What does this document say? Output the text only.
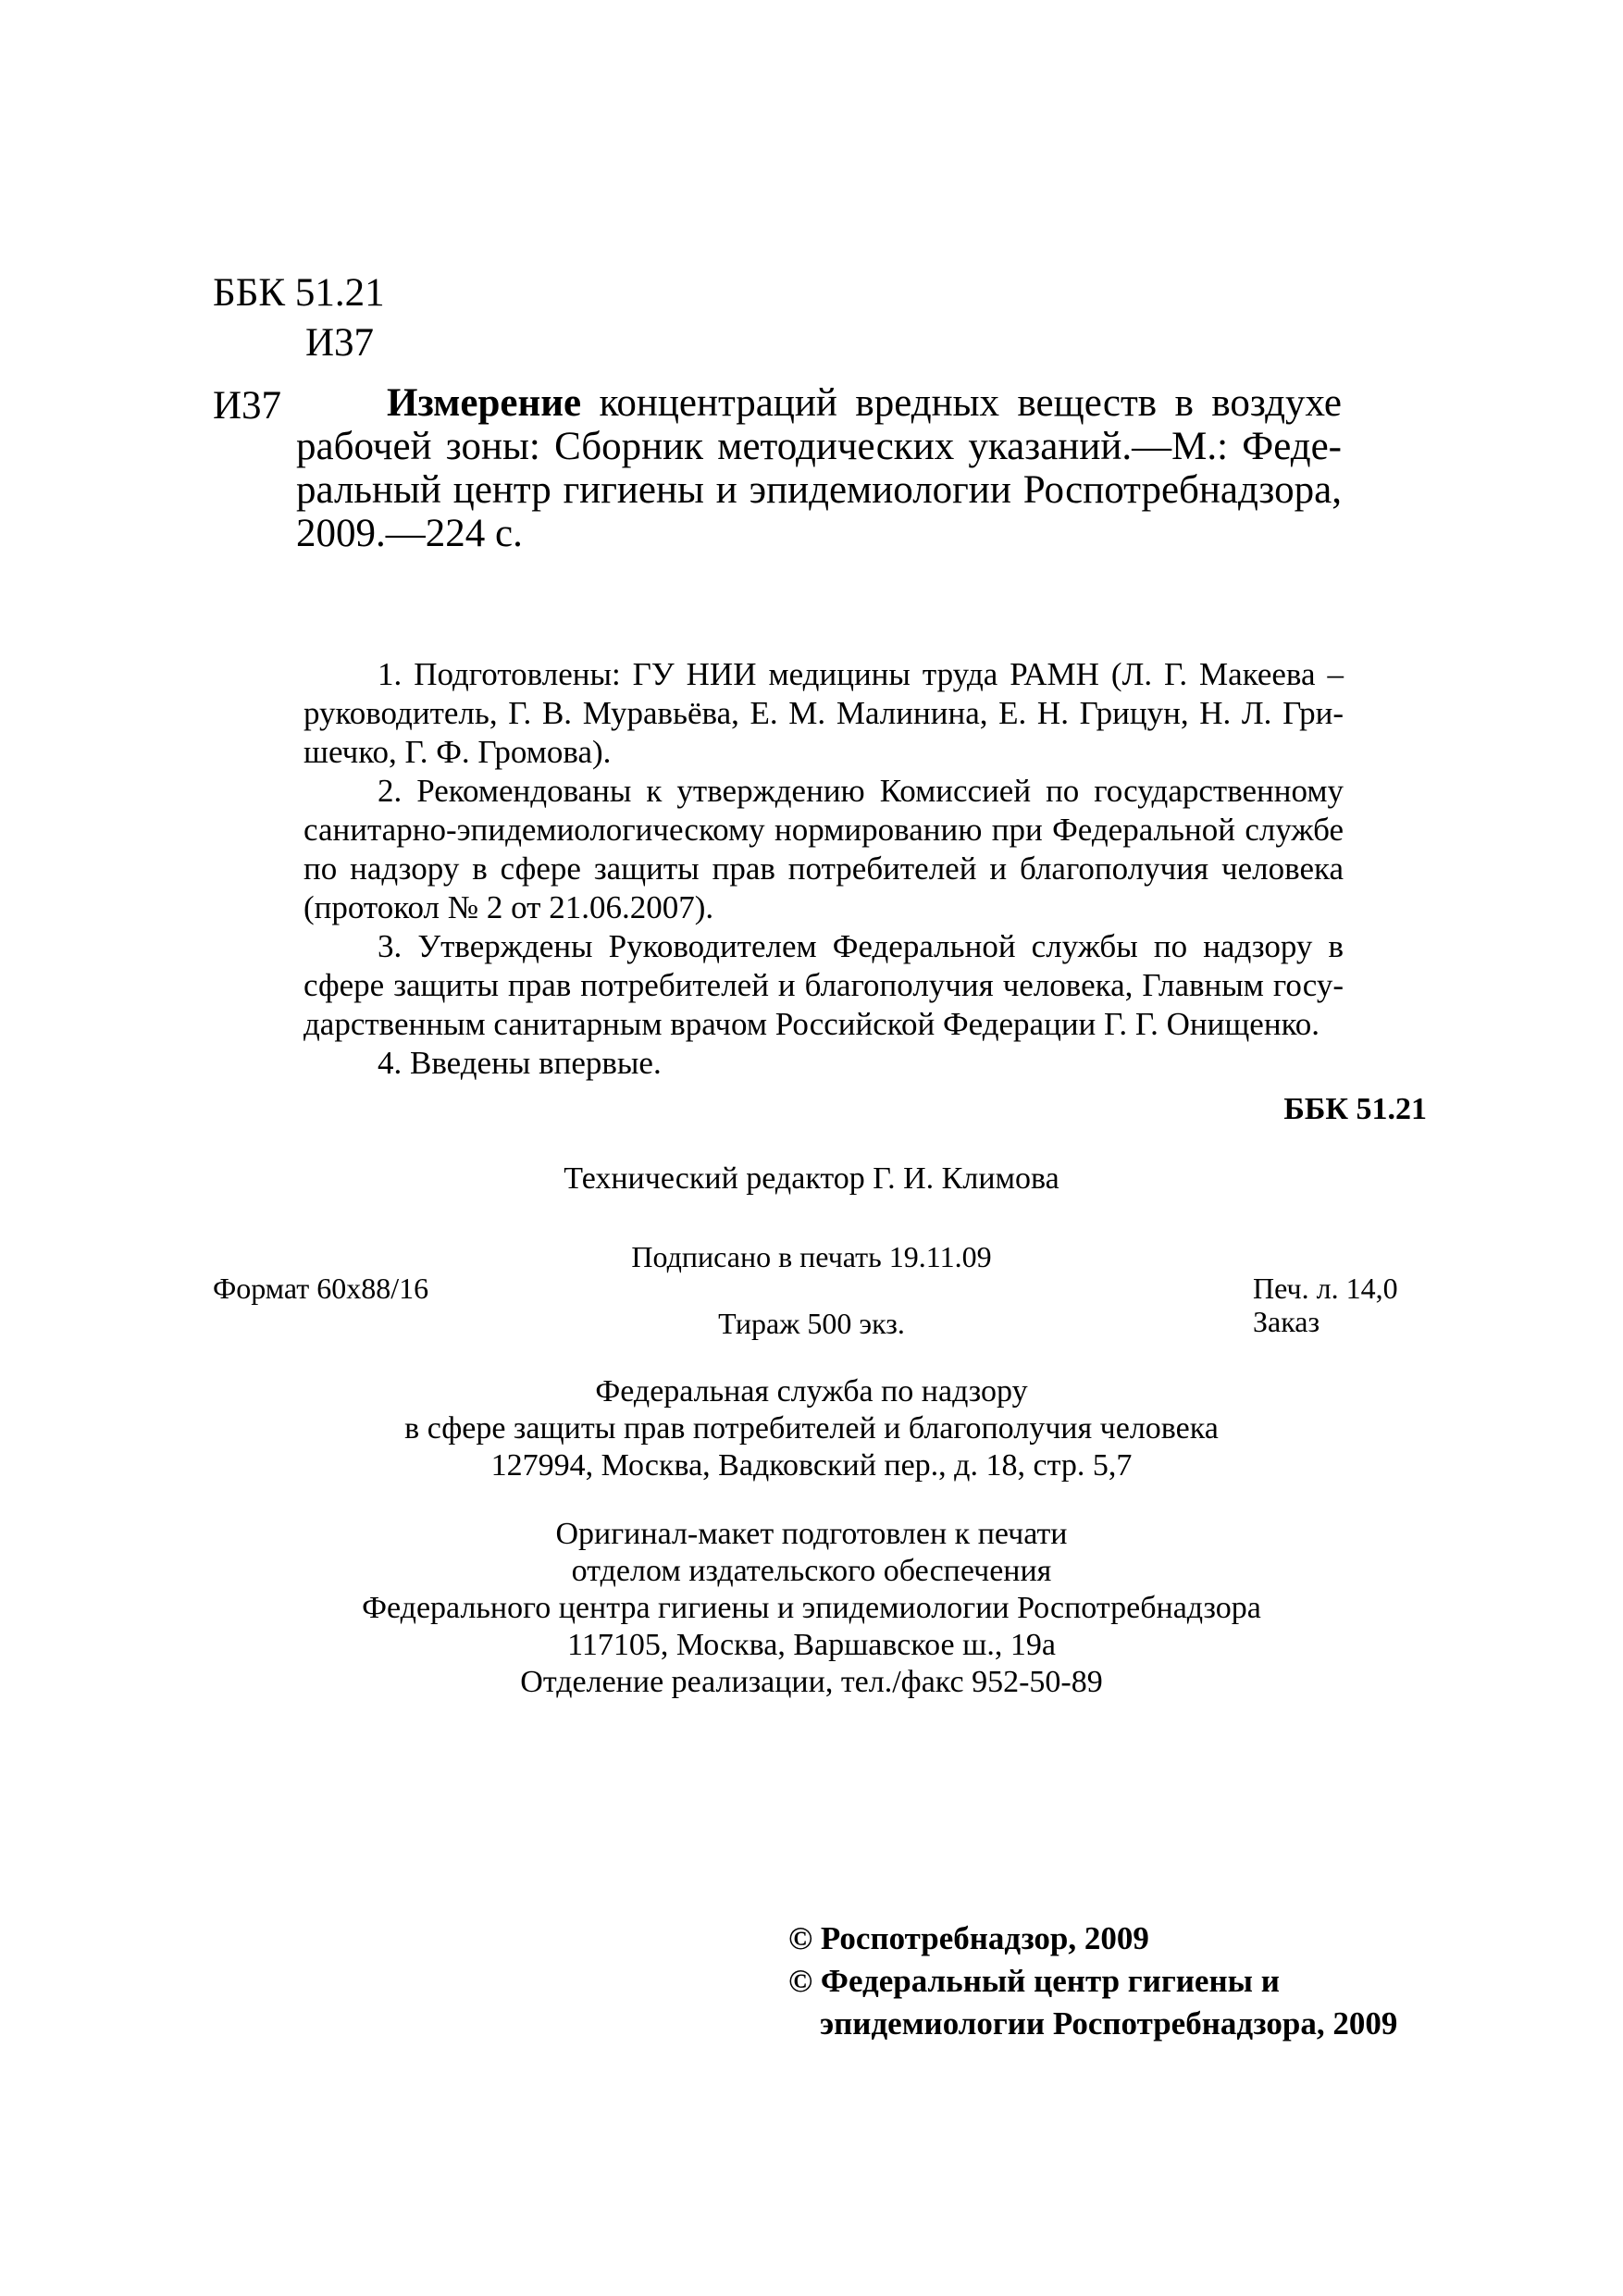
ББК 51.21
И37
И37	Измерение концентраций вредных веществ в воздухе
рабочей зоны: Сборник методических указаний.—М.: Феде-
ральный центр гигиены и эпидемиологии Роспотребнадзора,
2009.—224 с.
1. Подготовлены: ГУ НИИ медицины труда РАМН (Л. Г. Макеева –
руководитель, Г. В. Муравьёва, Е. М. Малинина, Е. Н. Грицун, Н. Л. Гри-
шечко, Г. Ф. Громова).
2. Рекомендованы к утверждению Комиссией по государственному
санитарно-эпидемиологическому нормированию при Федеральной службе
по надзору в сфере защиты прав потребителей и благополучия человека
(протокол № 2 от 21.06.2007).
3. Утверждены Руководителем Федеральной службы по надзору в
сфере защиты прав потребителей и благополучия человека, Главным госу-
дарственным санитарным врачом Российской Федерации Г. Г. Онищенко.
4. Введены впервые.
ББК 51.21
Технический редактор Г. И. Климова
Подписано в печать 19.11.09
Формат 60x88/16	Печ. л. 14,0
Тираж 500 экз.	Заказ
Федеральная служба по надзору
в сфере защиты прав потребителей и благополучия человека
127994, Москва, Вадковский пер., д. 18, стр. 5,7
Оригинал-макет подготовлен к печати
отделом издательского обеспечения
Федерального центра гигиены и эпидемиологии Роспотребнадзора
117105, Москва, Варшавское ш., 19а
Отделение реализации, тел./факс 952-50-89
© Роспотребнадзор, 2009
© Федеральный центр гигиены и
эпидемиологии Роспотребнадзора, 2009
